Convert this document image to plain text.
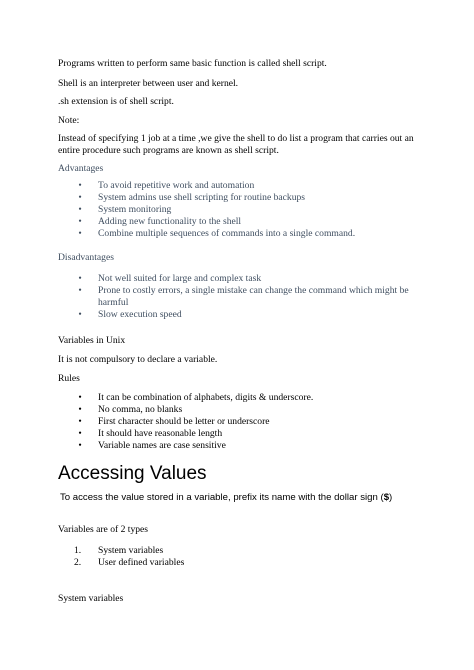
Programs written to perform same basic function is called shell script.

Shell is an interpreter between user and kernel.

.sh extension is of shell script.

Note:

Instead of specifying 1 job at a time ,we give the shell to do list a program that carries out an entire procedure such programs are known as shell script.

Advantages

•	To avoid repetitive work and automation
•	System admins use shell scripting for routine backups
•	System monitoring
•	Adding new functionality to the shell
•	Combine multiple sequences of commands into a single command.

Disadvantages

•	Not well suited for large and complex task
•	Prone to costly errors, a single mistake can change the command which might be harmful
•	Slow execution speed

Variables in Unix

It is not compulsory to declare a variable.

Rules

•	It can be combination of alphabets, digits & underscore.
•	No comma, no blanks
•	First character should be letter or underscore
•	It should have reasonable length
•	Variable names are case sensitive
Accessing Values
To access the value stored in a variable, prefix its name with the dollar sign ($)

Variables are of 2 types

1.	System variables
2.	User defined variables

System variables
